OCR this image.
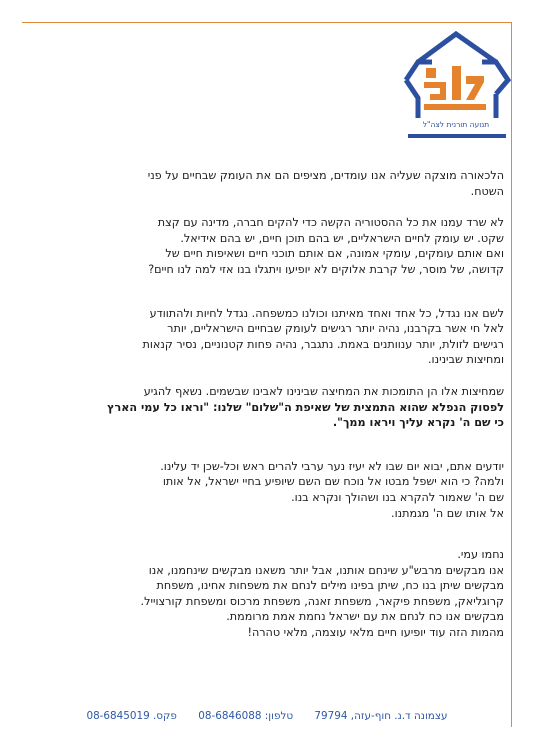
תנועה תורנית לצה"ל

הלכאורה מוצקה שעליה אנו עומדים, מציפים הם את העומק שבחיים על פני

השטח.

לא שרד עמנו את כל ההסטוריה הקשה כדי להקים חברה, מדינה עם קצת

שקט. יש עומק לחיים הישראליים, יש בהם תוכן חיים, יש בהם אידיאל.

ואם אותם עומקים, עומקי אמונה, אם אותם תוכני חיים ושאיפות חיים של

קדושה, של מוסר, של קרבת אלוקים לא יופיעו ויתגלו בנו אזי למה לנו חיים?

לשם אנו נגדל, כל אחד ואחד מאיתנו וכולנו כמשפחה. נגדל לחיות ולהתוודע

לאל חי אשר בקרבנו, נהיה יותר רגישים לעומק שבחיים הישראליים, יותר

רגישים לזולת, יותר ענוותנים באמת. נתגבר, נהיה פחות קטנוניים, נסיר קנאות

ומחיצות שבינינו.

שמחיצות אלו הן התומכות את המחיצה שבינינו לאבינו שבשמים. נשאף להגיע

לפסוק הנפלא שהוא התמצית של שאיפת ה"שלום" שלנו: "וראו כל עמי הארץ

כי שם ה' נקרא עליך ויראו ממך".

יודעים אתם, יבוא יום שבו לא יעיז נער ערבי להרים ראש וכל-שכן יד עלינו.

ולמה? כי הוא ישפל מבטו אל נוכח שם השם שיופיע בחיי ישראל, אל אותו

שם ה' שאמור להקרא בנו ושהולך ונקרא בנו.

אל אותו שם ה' מגמתנו.

נחמו עמי.

אנו מבקשים מרבש"ע שינחם אותנו, אבל יותר משאנו מבקשים שינחמנו, אנו

מבקשים שיתן בנו כח, שיתן בפינו מילים לנחם את משפחות אחינו, משפחת

קרוגליאק, משפחת פיקאר, משפחת זאנה, משפחת מרכוס ומשפחת קורצוייל.

מבקשים אנו כח לנחם את עם ישראל נחמת אמת מרוממת.

מהמות הזה עוד יופיעו חיים מלאי עוצמה, מלאי טהרה!

עצמונה ד.נ. חוף-עזה, 79794 טלפון: 08-6846088 פקס. 08-6845019
